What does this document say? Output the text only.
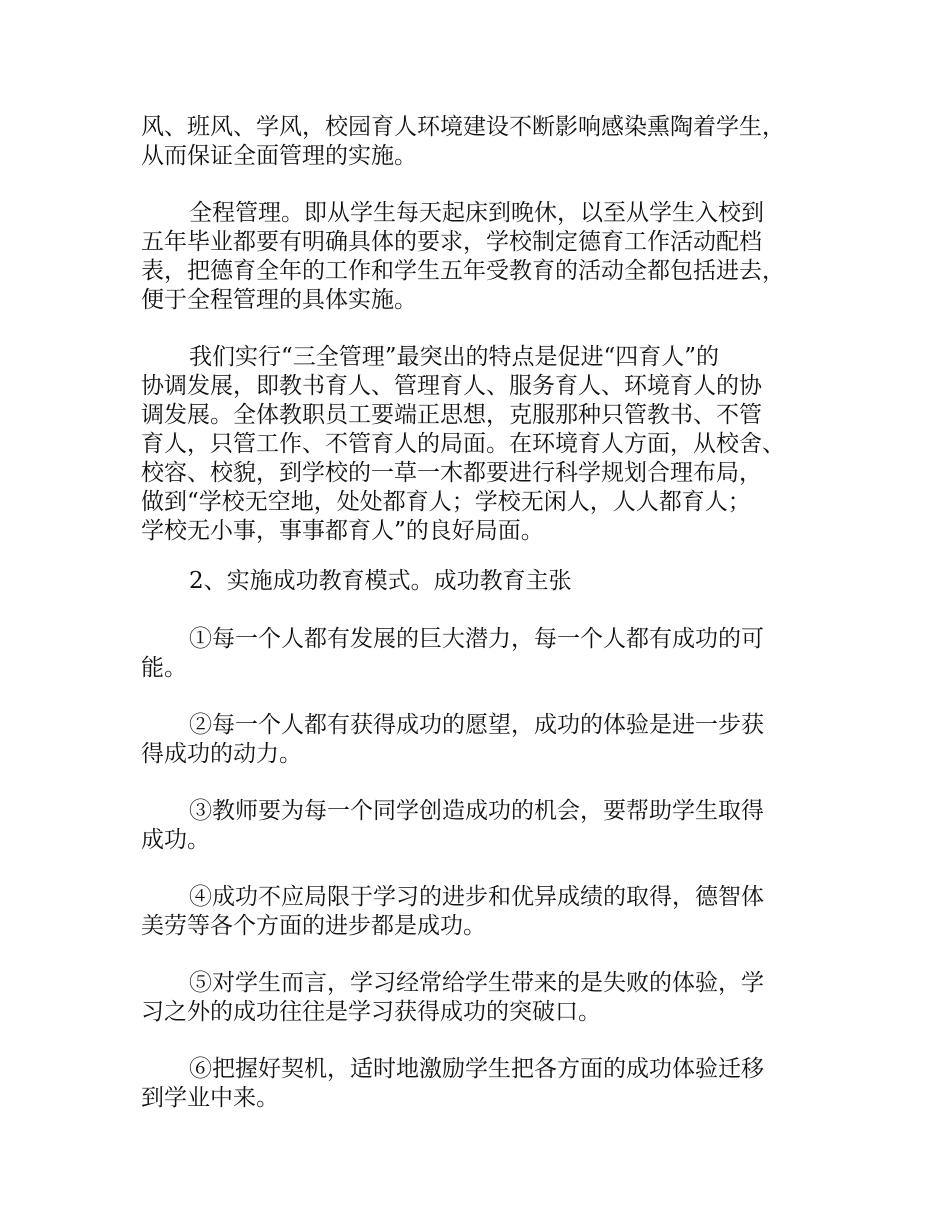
风、班风、学风，校园育人环境建设不断影响感染熏陶着学生，
从而保证全面管理的实施。
全程管理。即从学生每天起床到晚休，以至从学生入校到
五年毕业都要有明确具体的要求，学校制定德育工作活动配档
表，把德育全年的工作和学生五年受教育的活动全都包括进去，
便于全程管理的具体实施。
我们实行“三全管理”最突出的特点是促进“四育人”的
协调发展，即教书育人、管理育人、服务育人、环境育人的协
调发展。全体教职员工要端正思想，克服那种只管教书、不管
育人，只管工作、不管育人的局面。在环境育人方面，从校舍、
校容、校貌，到学校的一草一木都要进行科学规划合理布局，
做到“学校无空地，处处都育人；学校无闲人，人人都育人；
学校无小事，事事都育人”的良好局面。
2、实施成功教育模式。成功教育主张
①每一个人都有发展的巨大潜力，每一个人都有成功的可
能。
②每一个人都有获得成功的愿望，成功的体验是进一步获
得成功的动力。
③教师要为每一个同学创造成功的机会，要帮助学生取得
成功。
④成功不应局限于学习的进步和优异成绩的取得，德智体
美劳等各个方面的进步都是成功。
⑤对学生而言，学习经常给学生带来的是失败的体验，学
习之外的成功往往是学习获得成功的突破口。
⑥把握好契机，适时地激励学生把各方面的成功体验迁移
到学业中来。
